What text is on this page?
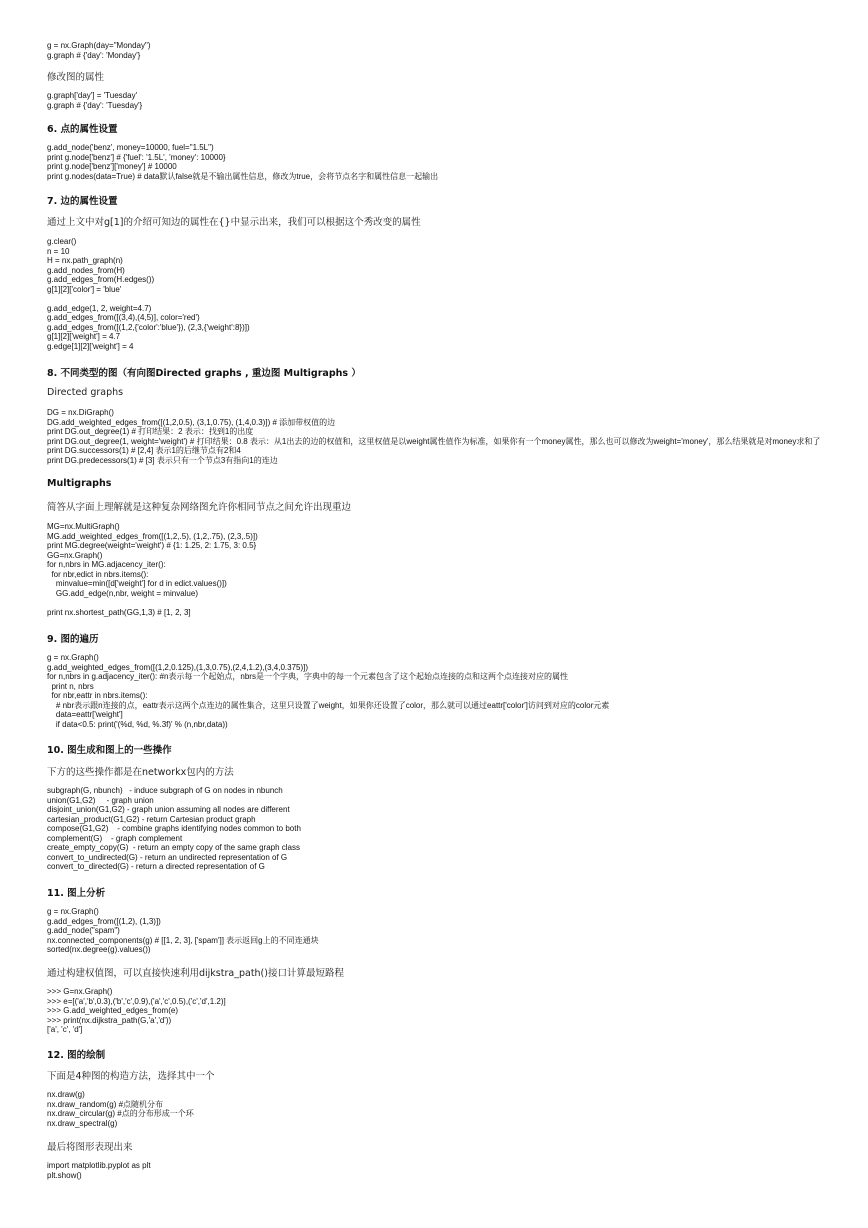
g = nx.Graph(day="Monday")
g.graph # {'day': 'Monday'}
修改图的属性
g.graph['day'] = 'Tuesday'
g.graph # {'day': 'Tuesday'}
6. 点的属性设置
g.add_node('benz', money=10000, fuel="1.5L")
print g.node['benz'] # {'fuel': '1.5L', 'money': 10000}
print g.node['benz']['money'] # 10000
print g.nodes(data=True) # data默认false就是不输出属性信息，修改为true，会将节点名字和属性信息一起输出
7. 边的属性设置
通过上文中对g[1]的介绍可知边的属性在{}中显示出来，我们可以根据这个秀改变的属性
g.clear()
n = 10
H = nx.path_graph(n)
g.add_nodes_from(H)
g.add_edges_from(H.edges())
g[1][2]['color'] = 'blue'

g.add_edge(1, 2, weight=4.7)
g.add_edges_from([(3,4),(4,5)], color='red')
g.add_edges_from([(1,2,{'color':'blue'}), (2,3,{'weight':8})])
g[1][2]['weight'] = 4.7
g.edge[1][2]['weight'] = 4
8. 不同类型的图（有向图Directed graphs , 重边图 Multigraphs ）
Directed graphs
DG = nx.DiGraph()
DG.add_weighted_edges_from([(1,2,0.5), (3,1,0.75), (1,4,0.3)]) # 添加带权值的边
print DG.out_degree(1) # 打印结果：2 表示：找到1的出度
print DG.out_degree(1, weight='weight') # 打印结果：0.8 表示：从1出去的边的权值和，这里权值是以weight属性值作为标准，如果你有一个money属性，那么也可以修改为weight='money'，那么结果就是对money求和了
print DG.successors(1) # [2,4] 表示1的后继节点有2和4
print DG.predecessors(1) # [3] 表示只有一个节点3有指向1的连边
Multigraphs
简答从字面上理解就是这种复杂网络图允许你相同节点之间允许出现重边
MG=nx.MultiGraph()
MG.add_weighted_edges_from([(1,2,.5), (1,2,.75), (2,3,.5)])
print MG.degree(weight='weight') # {1: 1.25, 2: 1.75, 3: 0.5}
GG=nx.Graph()
for n,nbrs in MG.adjacency_iter():
for nbr,edict in nbrs.items():
minvalue=min([d['weight'] for d in edict.values()])
GG.add_edge(n,nbr, weight = minvalue)

print nx.shortest_path(GG,1,3) # [1, 2, 3]
9. 图的遍历
g = nx.Graph()
g.add_weighted_edges_from([(1,2,0.125),(1,3,0.75),(2,4,1.2),(3,4,0.375)])
for n,nbrs in g.adjacency_iter(): #n表示每一个起始点，nbrs是一个字典，字典中的每一个元素包含了这个起始点连接的点和这两个点连接对应的属性
print n, nbrs
for nbr,eattr in nbrs.items():
# nbr表示跟n连接的点，eattr表示这两个点连边的属性集合，这里只设置了weight，如果你还设置了color，那么就可以通过eattr['color']访问到对应的color元素
data=eattr['weight']
if data<0.5: print('(%d, %d, %.3f)' % (n,nbr,data))
10. 图生成和图上的一些操作
下方的这些操作都是在networkx包内的方法
subgraph(G, nbunch)   - induce subgraph of G on nodes in nbunch
union(G1,G2)     - graph union
disjoint_union(G1,G2) - graph union assuming all nodes are different
cartesian_product(G1,G2) - return Cartesian product graph
compose(G1,G2)    - combine graphs identifying nodes common to both
complement(G)    - graph complement
create_empty_copy(G)  - return an empty copy of the same graph class
convert_to_undirected(G) - return an undirected representation of G
convert_to_directed(G) - return a directed representation of G
11. 图上分析
g = nx.Graph()
g.add_edges_from([(1,2), (1,3)])
g.add_node("spam")
nx.connected_components(g) # [[1, 2, 3], ['spam']] 表示返回g上的不同连通块
sorted(nx.degree(g).values())
通过构建权值图，可以直接快速利用dijkstra_path()接口计算最短路程
>>> G=nx.Graph()
>>> e=[('a','b',0.3),('b','c',0.9),('a','c',0.5),('c','d',1.2)]
>>> G.add_weighted_edges_from(e)
>>> print(nx.dijkstra_path(G,'a','d'))
['a', 'c', 'd']
12. 图的绘制
下面是4种图的构造方法，选择其中一个
nx.draw(g)
nx.draw_random(g) #点随机分布
nx.draw_circular(g) #点的分布形成一个环
nx.draw_spectral(g)
最后将图形表现出来
import matplotlib.pyplot as plt
plt.show()
